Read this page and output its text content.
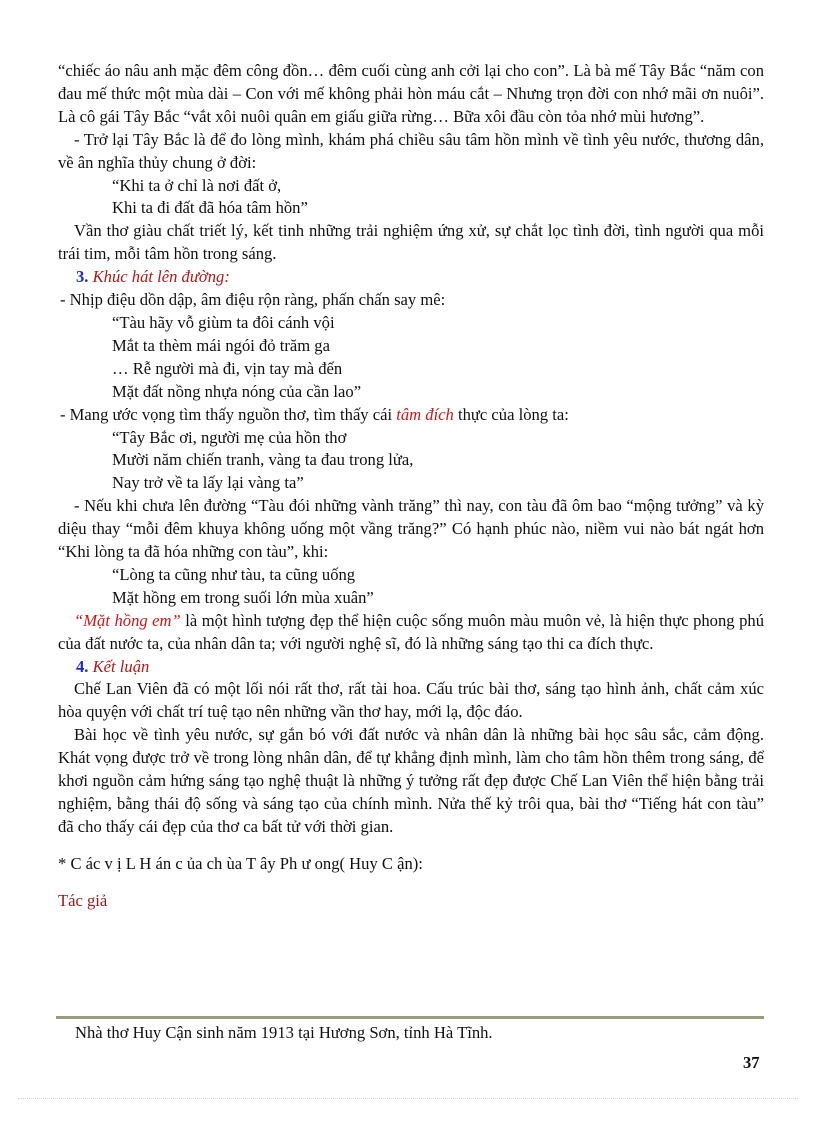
“chiếc áo nâu anh mặc đêm công đồn… đêm cuối cùng anh cởi lại cho con”. Là bà mế Tây Bắc “năm con đau mế thức một mùa dài – Con với mế không phải hòn máu cắt – Nhưng trọn đời con nhớ mãi ơn nuôi”. Là cô gái Tây Bắc “vắt xôi nuôi quân em giấu giữa rừng… Bữa xôi đầu còn tỏa nhớ mùi hương”.

- Trở lại Tây Bắc là để đo lòng mình, khám phá chiều sâu tâm hồn mình về tình yêu nước, thương dân, về ân nghĩa thủy chung ở đời:

“Khi ta ở chỉ là nơi đất ở,

Khi ta đi đất đã hóa tâm hồn”

Vần thơ giàu chất triết lý, kết tinh những trải nghiệm ứng xử, sự chắt lọc tình đời, tình người qua mỗi trái tim, mỗi tâm hồn trong sáng.

3. Khúc hát lên đường:

- Nhịp điệu dồn dập, âm điệu rộn ràng, phấn chấn say mê:

“Tàu hãy vỗ giùm ta đôi cánh vội

Mắt ta thèm mái ngói đỏ trăm ga

… Rễ người mà đi, vịn tay mà đến

Mặt đất nồng nhựa nóng của cần lao”

- Mang ước vọng tìm thấy nguồn thơ, tìm thấy cái tâm đích thực của lòng ta:

“Tây Bắc ơi, người mẹ của hồn thơ

Mười năm chiến tranh, vàng ta đau trong lửa,

Nay trở về ta lấy lại vàng ta”

- Nếu khi chưa lên đường “Tàu đói những vành trăng” thì nay, con tàu đã ôm bao “mộng tưởng” và kỳ diệu thay “mỗi đêm khuya không uống một vầng trăng?” Có hạnh phúc nào, niềm vui nào bát ngát hơn “Khi lòng ta đã hóa những con tàu”, khi:

“Lòng ta cũng như tàu, ta cũng uống

Mặt hồng em trong suối lớn mùa xuân”

“Mặt hồng em” là một hình tượng đẹp thể hiện cuộc sống muôn màu muôn vẻ, là hiện thực phong phú của đất nước ta, của nhân dân ta; với người nghệ sĩ, đó là những sáng tạo thi ca đích thực.

4. Kết luận

Chế Lan Viên đã có một lối nói rất thơ, rất tài hoa. Cấu trúc bài thơ, sáng tạo hình ảnh, chất cảm xúc hòa quyện với chất trí tuệ tạo nên những vần thơ hay, mới lạ, độc đáo.

Bài học về tình yêu nước, sự gắn bó với đất nước và nhân dân là những bài học sâu sắc, cảm động. Khát vọng được trở về trong lòng nhân dân, để tự khẳng định mình, làm cho tâm hồn thêm trong sáng, để khơi nguồn cảm hứng sáng tạo nghệ thuật là những ý tưởng rất đẹp được Chế Lan Viên thể hiện bằng trải nghiệm, bằng thái độ sống và sáng tạo của chính mình. Nửa thế kỷ trôi qua, bài thơ “Tiếng hát con tàu” đã cho thấy cái đẹp của thơ ca bất tử với thời gian.

* C ác v ị L H án c ủa ch ùa T ây Ph ư ong( Huy C ận):

Tác giả

Nhà thơ Huy Cận sinh năm 1913 tại Hương Sơn, tỉnh Hà Tĩnh.
37
